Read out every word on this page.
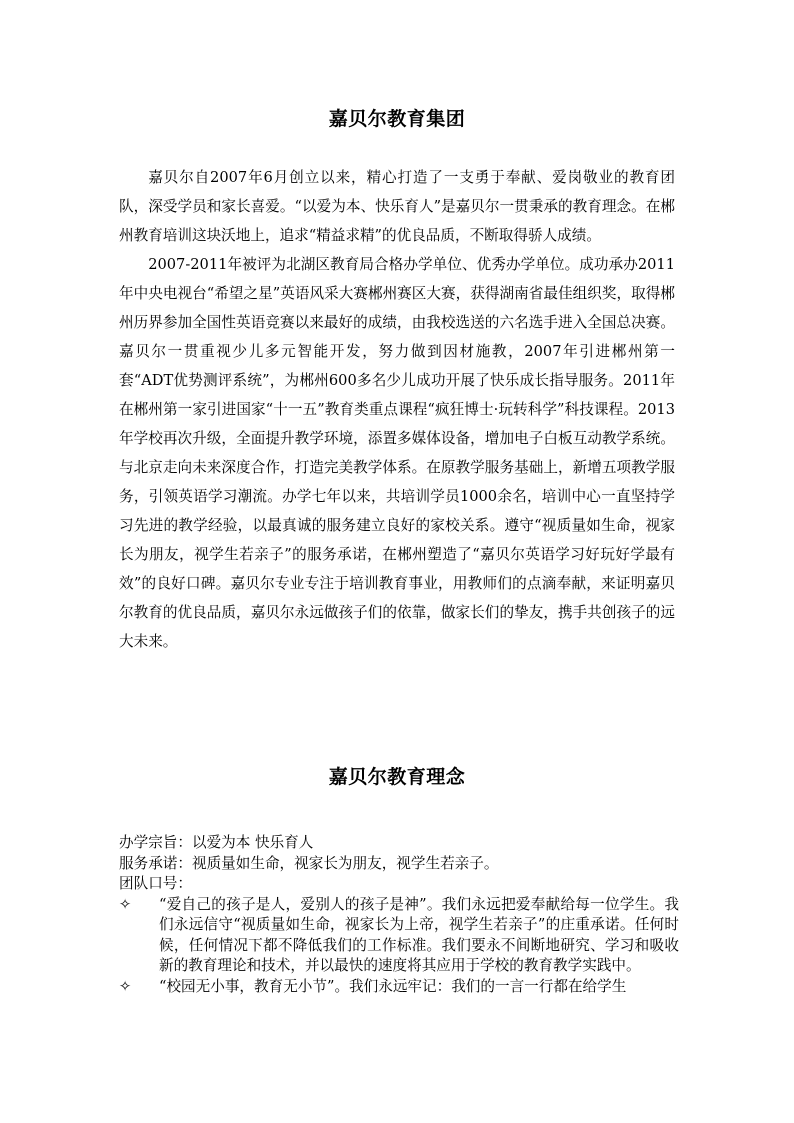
嘉贝尔教育集团

嘉贝尔自2007年6月创立以来，精心打造了一支勇于奉献、爱岗敬业的教育团队，深受学员和家长喜爱。“以爱为本、快乐育人”是嘉贝尔一贯秉承的教育理念。在郴州教育培训这块沃地上，追求“精益求精”的优良品质，不断取得骄人成绩。

2007-2011年被评为北湖区教育局合格办学单位、优秀办学单位。成功承办2011年中央电视台“希望之星”英语风采大赛郴州赛区大赛，获得湖南省最佳组织奖，取得郴州历界参加全国性英语竞赛以来最好的成绩，由我校选送的六名选手进入全国总决赛。嘉贝尔一贯重视少儿多元智能开发，努力做到因材施教，2007年引进郴州第一套“ADT优势测评系统”，为郴州600多名少儿成功开展了快乐成长指导服务。2011年在郴州第一家引进国家“十一五”教育类重点课程“疯狂博士·玩转科学”科技课程。2013年学校再次升级，全面提升教学环境，添置多媒体设备，增加电子白板互动教学系统。与北京走向未来深度合作，打造完美教学体系。在原教学服务基础上，新增五项教学服务，引领英语学习潮流。办学七年以来，共培训学员1000余名，培训中心一直坚持学习先进的教学经验，以最真诚的服务建立良好的家校关系。遵守“视质量如生命，视家长为朋友，视学生若亲子”的服务承诺，在郴州塑造了“嘉贝尔英语学习好玩好学最有效”的良好口碑。嘉贝尔专业专注于培训教育事业，用教师们的点滴奉献，来证明嘉贝尔教育的优良品质，嘉贝尔永远做孩子们的依靠，做家长们的挚友，携手共创孩子的远大未来。

嘉贝尔教育理念

办学宗旨：以爱为本 快乐育人

服务承诺：视质量如生命，视家长为朋友，视学生若亲子。

团队口号：

✧	“爱自己的孩子是人，爱别人的孩子是神”。我们永远把爱奉献给每一位学生。我们永远信守“视质量如生命，视家长为上帝，视学生若亲子”的庄重承诺。任何时候，任何情况下都不降低我们的工作标准。我们要永不间断地研究、学习和吸收新的教育理论和技术，并以最快的速度将其应用于学校的教育教学实践中。
✧	“校园无小事，教育无小节”。我们永远牢记：我们的一言一行都在给学生
